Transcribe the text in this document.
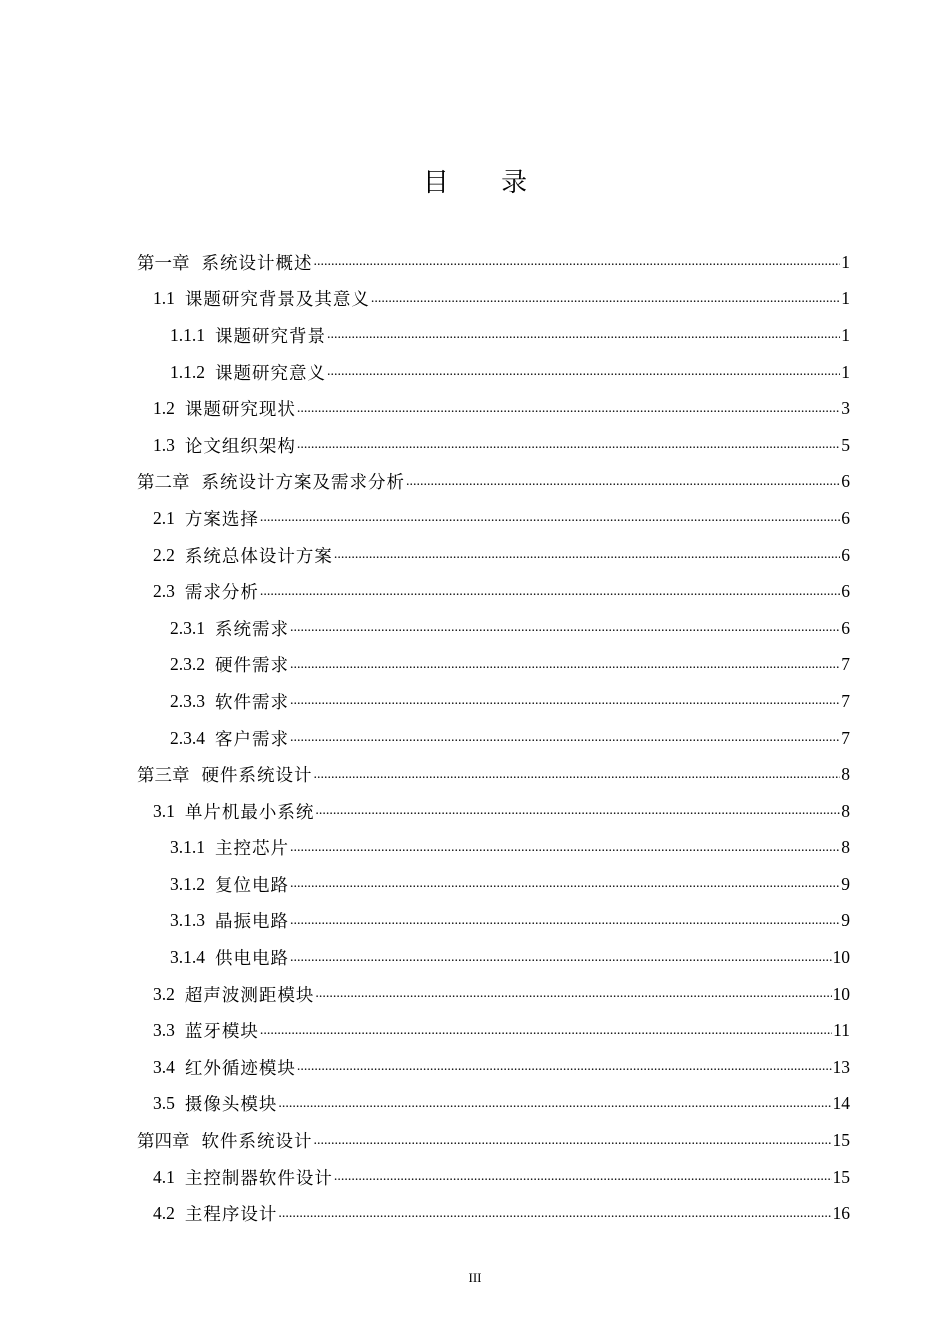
目 录
第一章 系统设计概述 .....	1
1.1 课题研究背景及其意义 .....	1
1.1.1 课题研究背景 .....	1
1.1.2 课题研究意义 .....	1
1.2 课题研究现状 .....	3
1.3 论文组织架构 .....	5
第二章 系统设计方案及需求分析 .....	6
2.1 方案选择 .....	6
2.2 系统总体设计方案 .....	6
2.3 需求分析 .....	6
2.3.1 系统需求 .....	6
2.3.2 硬件需求 .....	7
2.3.3 软件需求 .....	7
2.3.4 客户需求 .....	7
第三章 硬件系统设计 .....	8
3.1 单片机最小系统 .....	8
3.1.1 主控芯片 .....	8
3.1.2 复位电路 .....	9
3.1.3 晶振电路 .....	9
3.1.4 供电电路 .....	10
3.2 超声波测距模块 .....	10
3.3 蓝牙模块 .....	11
3.4 红外循迹模块 .....	13
3.5 摄像头模块 .....	14
第四章 软件系统设计 .....	15
4.1 主控制器软件设计 .....	15
4.2 主程序设计 .....	16
III
